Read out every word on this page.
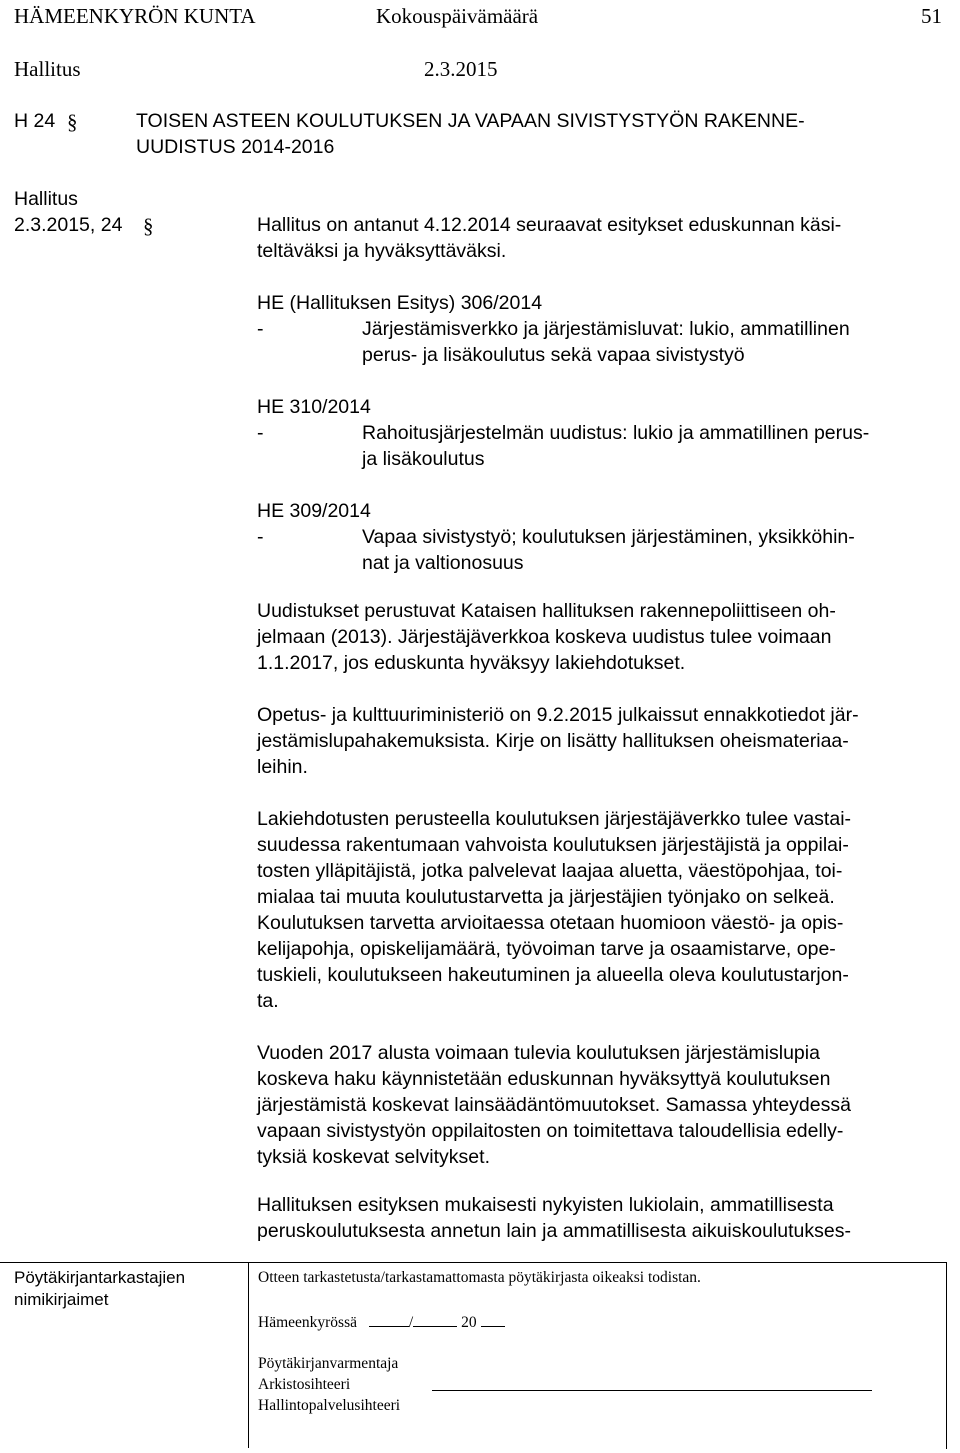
HÄMEENKYRÖN KUNTA	Kokouspäivämäärä	51
Hallitus	2.3.2015
H 24 §	TOISEN ASTEEN KOULUTUKSEN JA VAPAAN SIVISTYSTYÖN RAKENNE-
UUDISTUS 2014-2016
Hallitus
2.3.2015, 24 §	Hallitus on antanut 4.12.2014 seuraavat esitykset eduskunnan käsi-
teltäväksi ja hyväksyttäväksi.
HE (Hallituksen Esitys) 306/2014
-	Järjestämisverkko ja järjestämisluvat: lukio, ammatillinen
perus- ja lisäkoulutus sekä vapaa sivistystyö
HE 310/2014
-	Rahoitusjärjestelmän uudistus: lukio ja ammatillinen perus-
ja lisäkoulutus
HE 309/2014
-	Vapaa sivistystyö; koulutuksen järjestäminen, yksikköhin-
nat ja valtionosuus
Uudistukset perustuvat Kataisen hallituksen rakennepoliittiseen oh-
jelmaan (2013). Järjestäjäverkkoa koskeva uudistus tulee voimaan
1.1.2017, jos eduskunta hyväksyy lakiehdotukset.
Opetus- ja kulttuuriministeriö on 9.2.2015 julkaissut ennakkotiedot jär-
jestämislupahakemuksista. Kirje on lisätty hallituksen oheismateriaa-
leihin.
Lakiehdotusten perusteella koulutuksen järjestäjäverkko tulee vastai-
suudessa rakentumaan vahvoista koulutuksen järjestäjistä ja oppilai-
tosten ylläpitäjistä, jotka palvelevat laajaa aluetta, väestöpohjaa, toi-
mialaa tai muuta koulutustarvetta ja järjestäjien työnjako on selkeä.
Koulutuksen tarvetta arvioitaessa otetaan huomioon väestö- ja opis-
kelijapohja, opiskelijamäärä, työvoiman tarve ja osaamistarve, ope-
tuskieli, koulutukseen hakeutuminen ja alueella oleva koulutustarjon-
ta.
Vuoden 2017 alusta voimaan tulevia koulutuksen järjestämislupia
koskeva haku käynnistetään eduskunnan hyväksyttyä koulutuksen
järjestämistä koskevat lainsäädäntömuutokset. Samassa yhteydessä
vapaan sivistystyön oppilaitosten on toimitettava taloudellisia edelly-
tyksiä koskevat selvitykset.
Hallituksen esityksen mukaisesti nykyisten lukiolain, ammatillisesta
peruskoulutuksesta annetun lain ja ammatillisesta aikuiskoulutukses-
Pöytäkirjantarkastajien
nimikirjaimet
Otteen tarkastetusta/tarkastamattomasta pöytäkirjasta oikeaksi todistan.
Hämeenkyrössä	/	20
Pöytäkirjanvarmentaja
Arkistosihteeri
Hallintopalvelusihteeri
